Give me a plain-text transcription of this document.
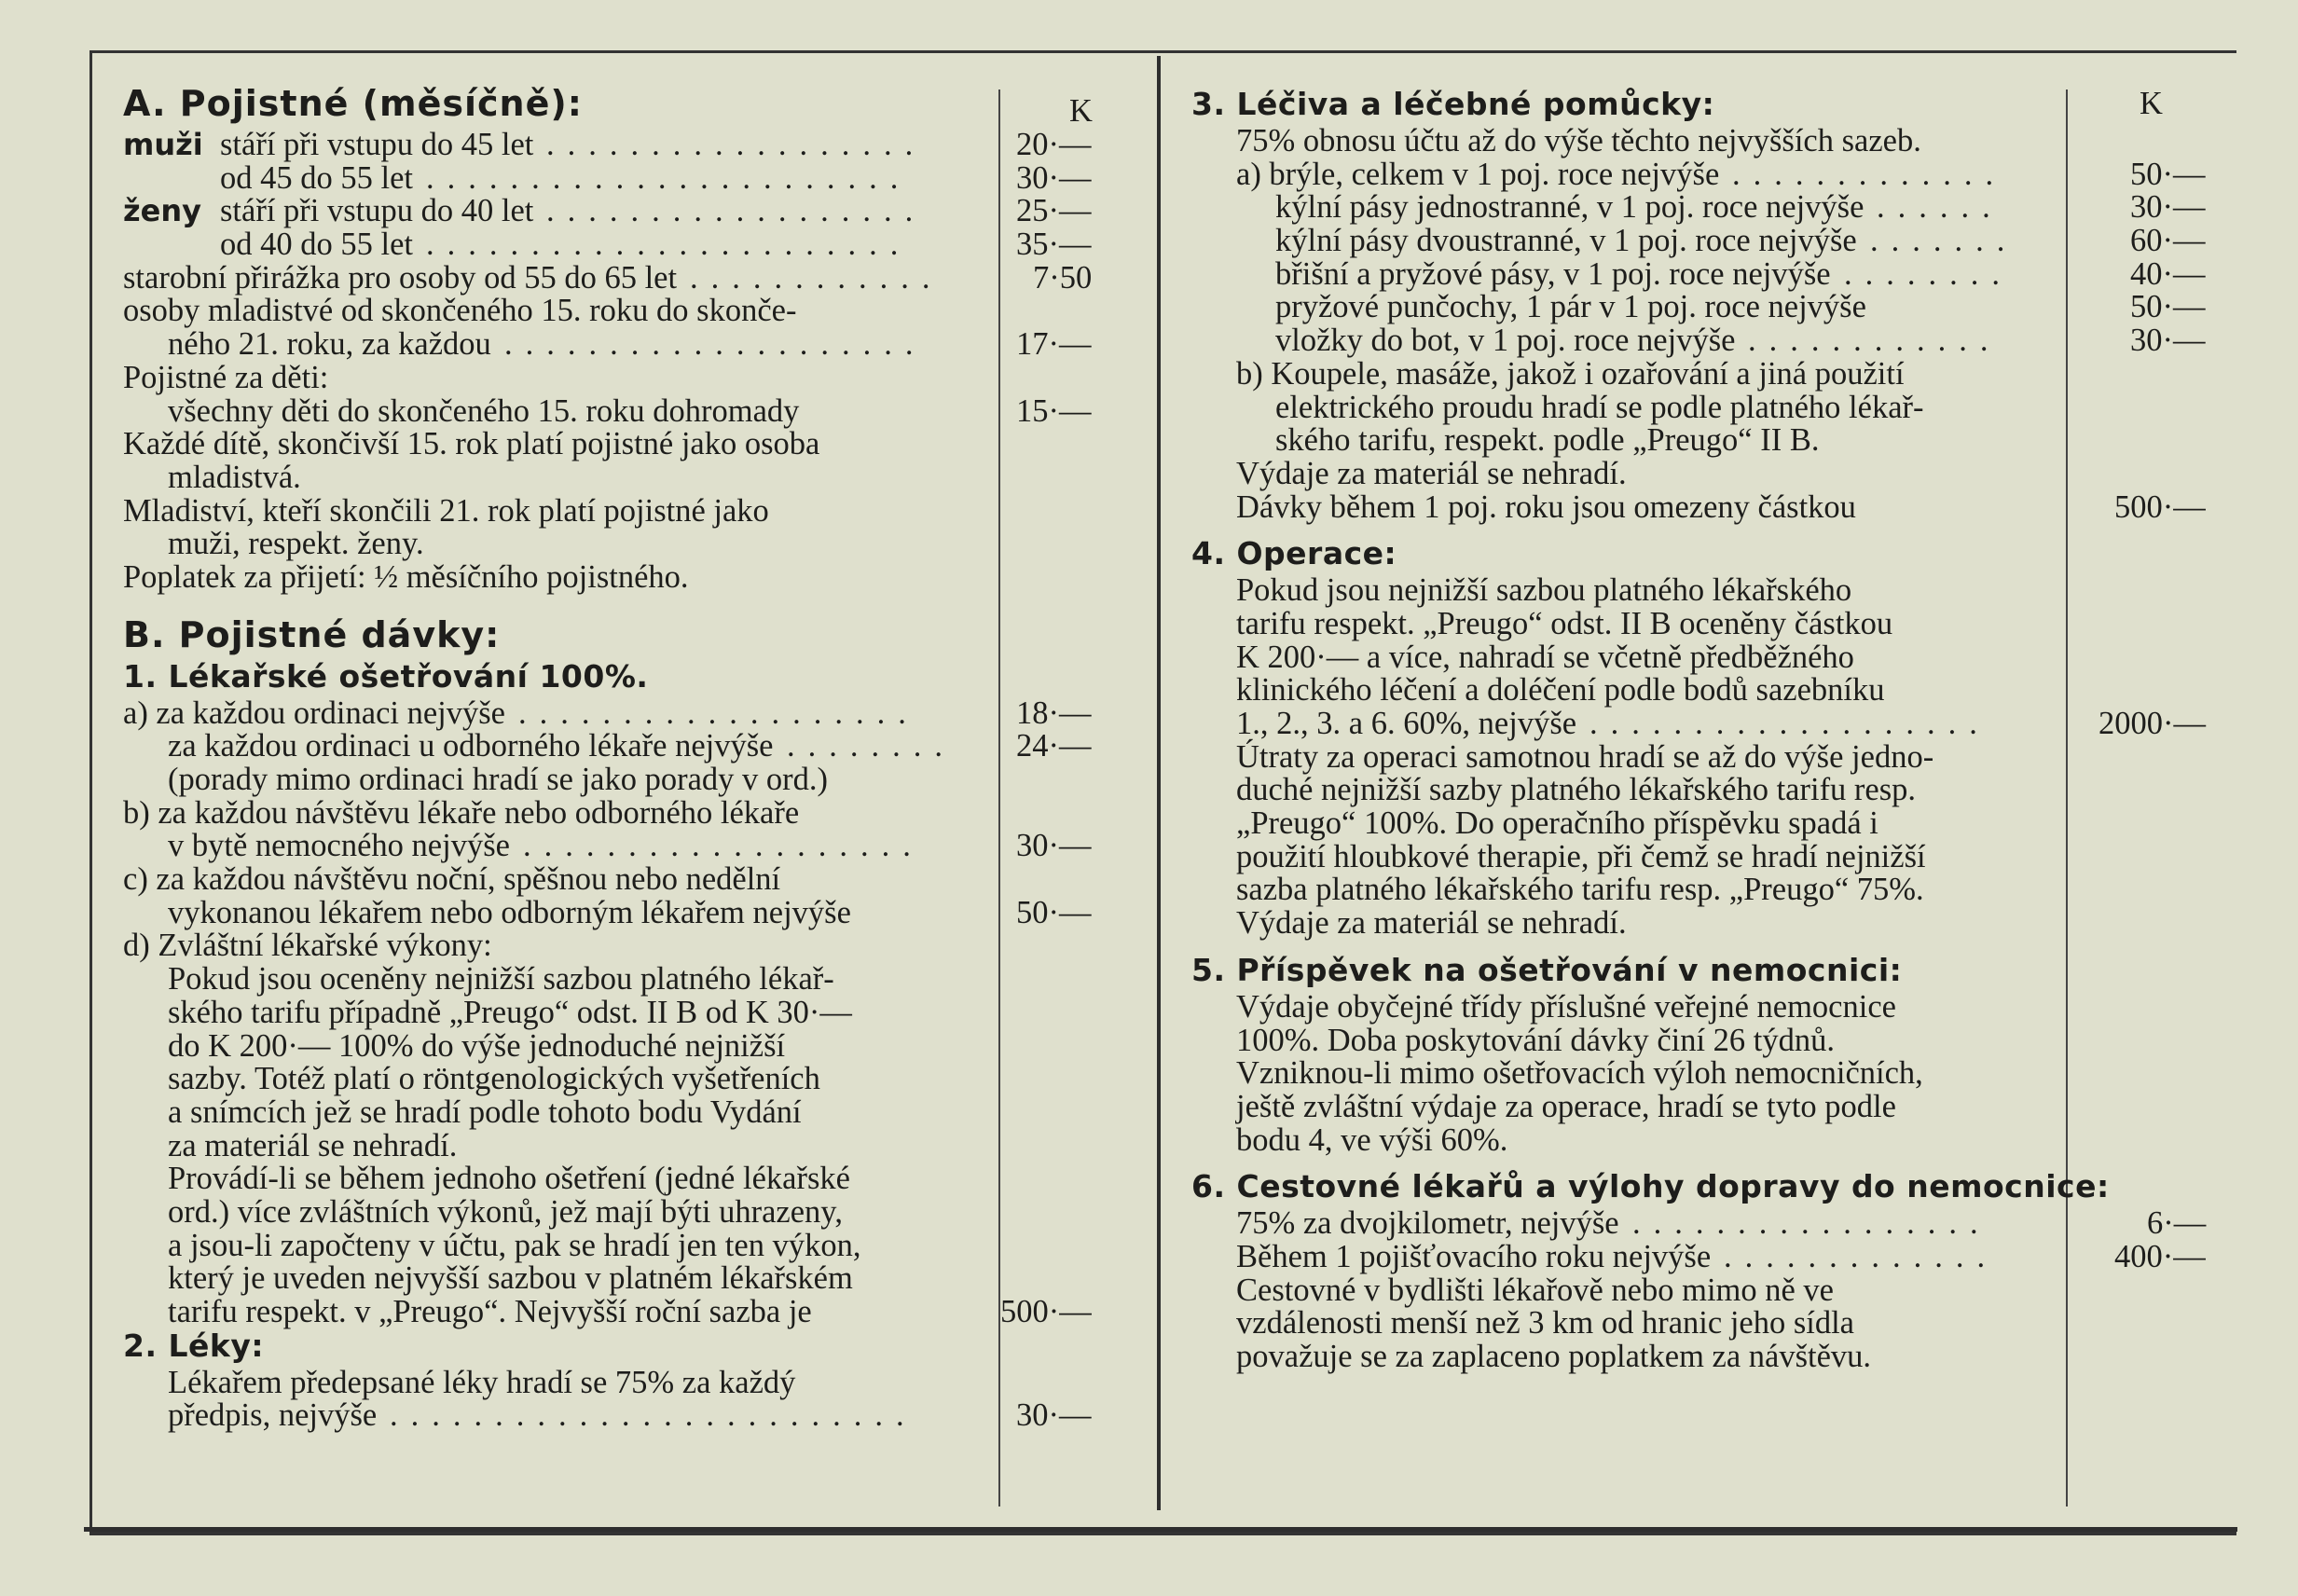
K	K
A. Pojistné (měsíčně):
muži stáří při vstupu do 45 let ..................	20·—
od 45 do 55 let .......................	30·—
ženy stáří při vstupu do 40 let ..................	25·—
od 40 do 55 let .......................	35·—
starobní přirážka pro osoby od 55 do 65 let ............	7·50
osoby mladistvé od skončeného 15. roku do skonče-
ného 21. roku, za každou ....................	17·—
Pojistné za děti:
všechny děti do skončeného 15. roku dohromady	15·—
Každé dítě, skončivší 15. rok platí pojistné jako osoba
mladistvá.
Mladiství, kteří skončili 21. rok platí pojistné jako
muži, respekt. ženy.
Poplatek za přijetí: ½ měsíčního pojistného.
B. Pojistné dávky:
1. Lékařské ošetřování 100%.
a) za každou ordinaci nejvýše ...................	18·—
za každou ordinaci u odborného lékaře nejvýše ........ 24·—
(porady mimo ordinaci hradí se jako porady v ord.)
b) za každou návštěvu lékaře nebo odborného lékaře
v bytě nemocného nejvýše ...................	30·—
c) za každou návštěvu noční, spěšnou nebo nedělní
vykonanou lékařem nebo odborným lékařem nejvýše	50·—
d) Zvláštní lékařské výkony:
Pokud jsou oceněny nejnižší sazbou platného lékař-
ského tarifu případně „Preugo“ odst. II B od K 30·—
do K 200·— 100% do výše jednoduché nejnižší
sazby. Totéž platí o röntgenologických vyšetřeních
a snímcích jež se hradí podle tohoto bodu Vydání
za materiál se nehradí.
Provádí-li se během jednoho ošetření (jedné lékařské
ord.) více zvláštních výkonů, jež mají býti uhrazeny,
a jsou-li započteny v účtu, pak se hradí jen ten výkon,
který je uveden nejvyšší sazbou v platném lékařském
tarifu respekt. v „Preugo“. Nejvyšší roční sazba je	500·—
2. Léky:
Lékařem předepsané léky hradí se 75% za každý
předpis, nejvýše .........................	30·—
3. Léčiva a léčebné pomůcky:
75% obnosu účtu až do výše těchto nejvyšších sazeb.
a) brýle, celkem v 1 poj. roce nejvýše .............	50·—
kýlní pásy jednostranné, v 1 poj. roce nejvýše ......	30·—
kýlní pásy dvoustranné, v 1 poj. roce nejvýše .......	60·—
břišní a pryžové pásy, v 1 poj. roce nejvýše ........	40·—
pryžové punčochy, 1 pár v 1 poj. roce nejvýše	50·—
vložky do bot, v 1 poj. roce nejvýše ............	30·—
b) Koupele, masáže, jakož i ozařování a jiná použití
elektrického proudu hradí se podle platného lékař-
ského tarifu, respekt. podle „Preugo“ II B.
Výdaje za materiál se nehradí.
Dávky během 1 poj. roku jsou omezeny částkou	500·—
4. Operace:
Pokud jsou nejnižší sazbou platného lékařského
tarifu respekt. „Preugo“ odst. II B oceněny částkou
K 200·— a více, nahradí se včetně předběžného
klinického léčení a doléčení podle bodů sazebníku
1., 2., 3. a 6. 60%, nejvýše ...................	2000·—
Útraty za operaci samotnou hradí se až do výše jedno-
duché nejnižší sazby platného lékařského tarifu resp.
„Preugo“ 100%. Do operačního příspěvku spadá i
použití hloubkové therapie, při čemž se hradí nejnižší
sazba platného lékařského tarifu resp. „Preugo“ 75%.
Výdaje za materiál se nehradí.
5. Příspěvek na ošetřování v nemocnici:
Výdaje obyčejné třídy příslušné veřejné nemocnice
100%. Doba poskytování dávky činí 26 týdnů.
Vzniknou-li mimo ošetřovacích výloh nemocničních,
ještě zvláštní výdaje za operace, hradí se tyto podle
bodu 4, ve výši 60%.
6. Cestovné lékařů a výlohy dopravy do nemocnice:
75% za dvojkilometr, nejvýše .................	6·—
Během 1 pojišťovacího roku nejvýše .............	400·—
Cestovné v bydlišti lékařově nebo mimo ně ve
vzdálenosti menší než 3 km od hranic jeho sídla
považuje se za zaplaceno poplatkem za návštěvu.
